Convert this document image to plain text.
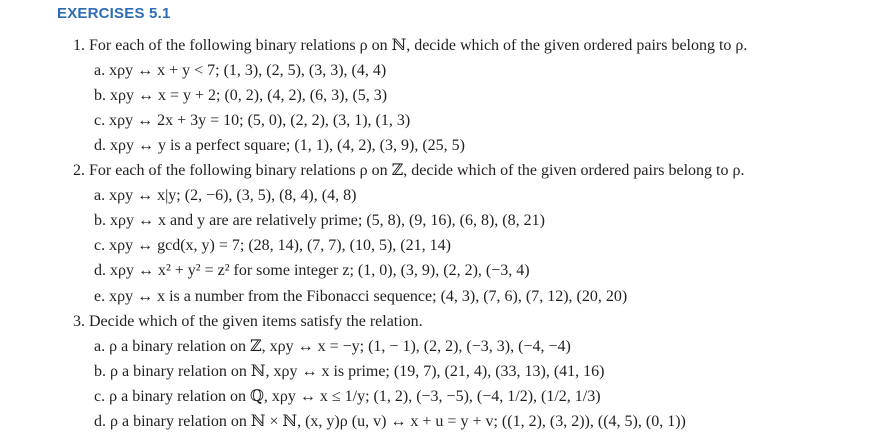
EXERCISES 5.1
1. For each of the following binary relations ρ on ℕ, decide which of the given ordered pairs belong to ρ.
a. xρy ↔ x + y < 7; (1, 3), (2, 5), (3, 3), (4, 4)
b. xρy ↔ x = y + 2; (0, 2), (4, 2), (6, 3), (5, 3)
c. xρy ↔ 2x + 3y = 10; (5, 0), (2, 2), (3, 1), (1, 3)
d. xρy ↔ y is a perfect square; (1, 1), (4, 2), (3, 9), (25, 5)
2. For each of the following binary relations ρ on ℤ, decide which of the given ordered pairs belong to ρ.
a. xρy ↔ x|y; (2, −6), (3, 5), (8, 4), (4, 8)
b. xρy ↔ x and y are are relatively prime; (5, 8), (9, 16), (6, 8), (8, 21)
c. xρy ↔ gcd(x, y) = 7; (28, 14), (7, 7), (10, 5), (21, 14)
d. xρy ↔ x² + y² = z² for some integer z; (1, 0), (3, 9), (2, 2), (−3, 4)
e. xρy ↔ x is a number from the Fibonacci sequence; (4, 3), (7, 6), (7, 12), (20, 20)
3. Decide which of the given items satisfy the relation.
a. ρ a binary relation on ℤ, xρy ↔ x = −y; (1, − 1), (2, 2), (−3, 3), (−4, −4)
b. ρ a binary relation on ℕ, xρy ↔ x is prime; (19, 7), (21, 4), (33, 13), (41, 16)
c. ρ a binary relation on ℚ, xρy ↔ x ≤ 1/y; (1, 2), (−3, −5), (−4, 1/2), (1/2, 1/3)
d. ρ a binary relation on ℕ × ℕ, (x, y)ρ (u, v) ↔ x + u = y + v; ((1, 2), (3, 2)), ((4, 5), (0, 1))
